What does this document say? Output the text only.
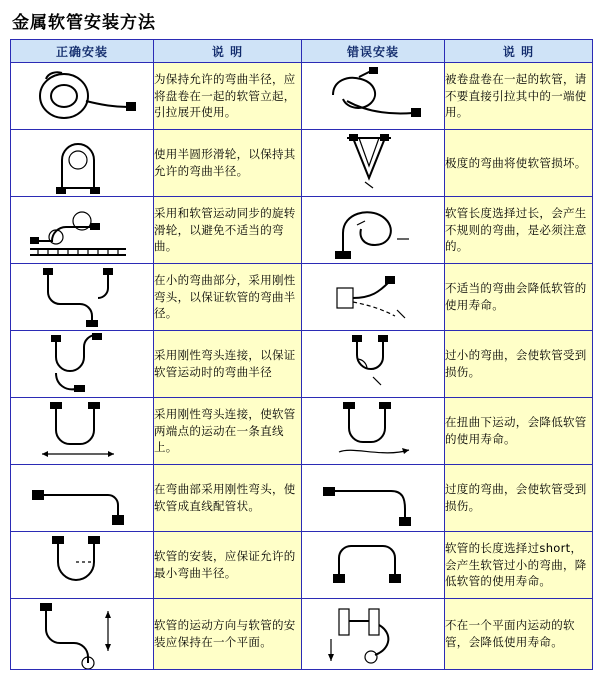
金属软管安装方法
正确安装	说 明	错误安装	说 明

	为保持允许的弯曲半径，应将盘卷在一起的软管立起，引拉展开使用。		被卷盘卷在一起的软管，请不要直接引拉其中的一端使用。

	使用半圆形滑轮，以保持其允许的弯曲半径。		极度的弯曲将使软管损坏。

	采用和软管运动同步的旋转滑轮，以避免不适当的弯曲。		软管长度选择过长，会产生不规则的弯曲，是必须注意的。

	在小的弯曲部分，采用刚性弯头，以保证软管的弯曲半径。		不适当的弯曲会降低软管的使用寿命。

	采用刚性弯头连接，以保证软管运动时的弯曲半径		过小的弯曲，会使软管受到损伤。

	采用刚性弯头连接，使软管两端点的运动在一条直线上。		在扭曲下运动，会降低软管的使用寿命。

	在弯曲部采用刚性弯头，使软管成直线配管状。		过度的弯曲，会使软管受到损伤。

	软管的安装，应保证允许的最小弯曲半径。		软管的长度选择过short，会产生软管过小的弯曲，降低软管的使用寿命。

	软管的运动方向与软管的安装应保持在一个平面。		不在一个平面内运动的软管，会降低使用寿命。
